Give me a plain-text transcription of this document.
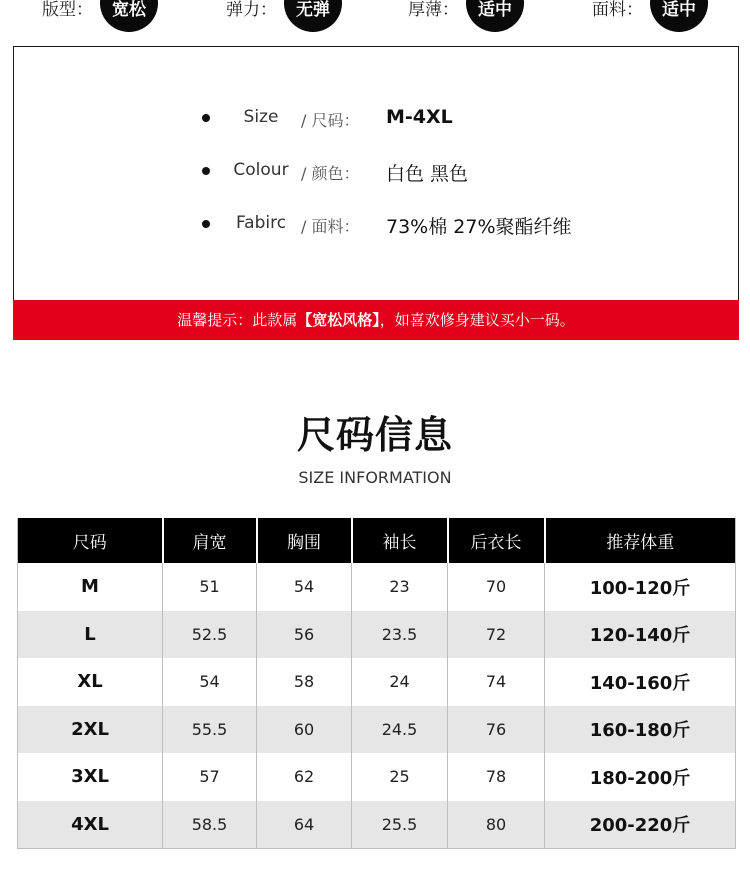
版型： 宽松	弹力： 无弹	厚薄： 适中	面料： 适中
Size	/ 尺码： M-4XL
Colour / 颜色： 白色 黑色
Fabirc / 面料： 73%棉 27%聚酯纤维
温馨提示：此款属【宽松风格】，如喜欢修身建议买小一码。
尺码信息
SIZE INFORMATION
尺码	肩宽	胸围	袖长	后衣长	推荐体重
M	51	54	23	70	100-120斤
L	52.5	56	23.5	72	120-140斤
XL	54	58	24	74	140-160斤
2XL	55.5	60	24.5	76	160-180斤
3XL	57	62	25	78	180-200斤
4XL	58.5	64	25.5	80	200-220斤
